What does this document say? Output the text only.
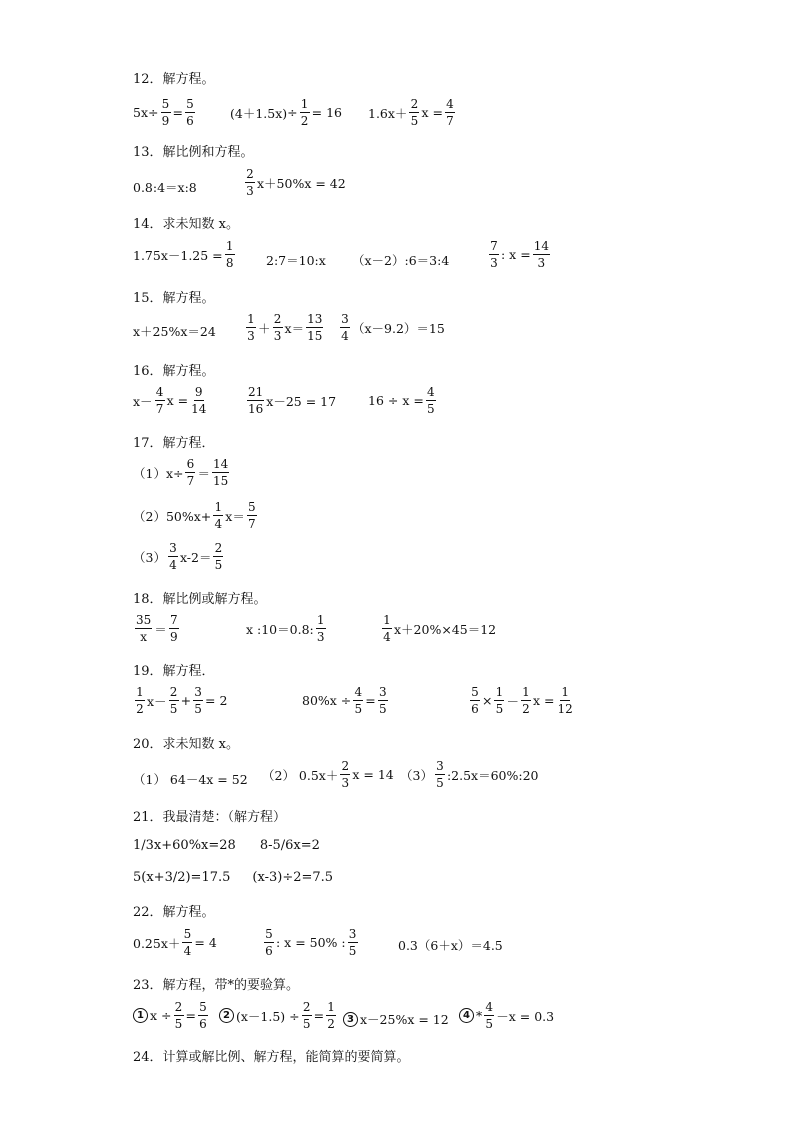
12．解方程。
$5x \div \frac{5}{9} = \frac{5}{6}$	$(4+1.5x) \div \frac{1}{2} = 16$ 1.6x＋
2
5
$x = \frac{4}{7}$
13．解比例和方程。
0.8:4＝x:8
2
3
x＋50%x = 42
14．求未知数 x。
$1.75x-1.25 = \frac{1}{8}$	2:7＝10:x （x－2）:6＝3:4
7
3
: $x = \frac{14}{3}$
15．解方程。
x＋25%x＝24
1
3
＋
2
3
x＝
13
15
3
4
（x－9.2）＝15
16．解方程。
x－
4
7
$x = \frac{9}{14}$	21
16
x－25 = 17	$16 \div x = \frac{4}{5}$
17．解方程．
$(1)x\div \frac{6}{7}$ ＝
14
15
$(2)50\%x+ \frac{1}{4} x=$
5
7
（3）
3
4
x-2＝
2
5
18．解比例或解方程。
35
x
＝
7
9
x :10＝0.8:
1
3
1
4
x＋20%×45＝12
19．解方程．
1
2
x－
2
5
+ $\frac{3}{5} = 2$	$80\%x \div \frac{4}{5} = \frac{3}{5}$	$\frac{5}{6} \times \frac{1}{5}$ －
1
2
$x = \frac{1}{12}$
20．求未知数 x。
（1） 64－4x = 52 （2） 0.5x＋
2
3
x = 14 （3）
3
5
:2.5x＝60%:20
21．我最清楚：（解方程）
1/3x+60%x=28 8-5/6x=2
5(x+3/2)=17.5 (x-3)÷2=7.5
22．解方程。
$0.25x+ \frac{5}{4} = 4$
5
6
: x = 50% :
3
5	0.3（6＋x）＝4.5
23．解方程，带*的要验算。
1 $x \div \frac{2}{5} = \frac{5}{6}$	2 $(x-1.5) \div \frac{2}{5} = \frac{1}{2}$	3 x－25%x = 12	4 *
4
5
－x = 0.3
24．计算或解比例、解方程，能简算的要简算。
